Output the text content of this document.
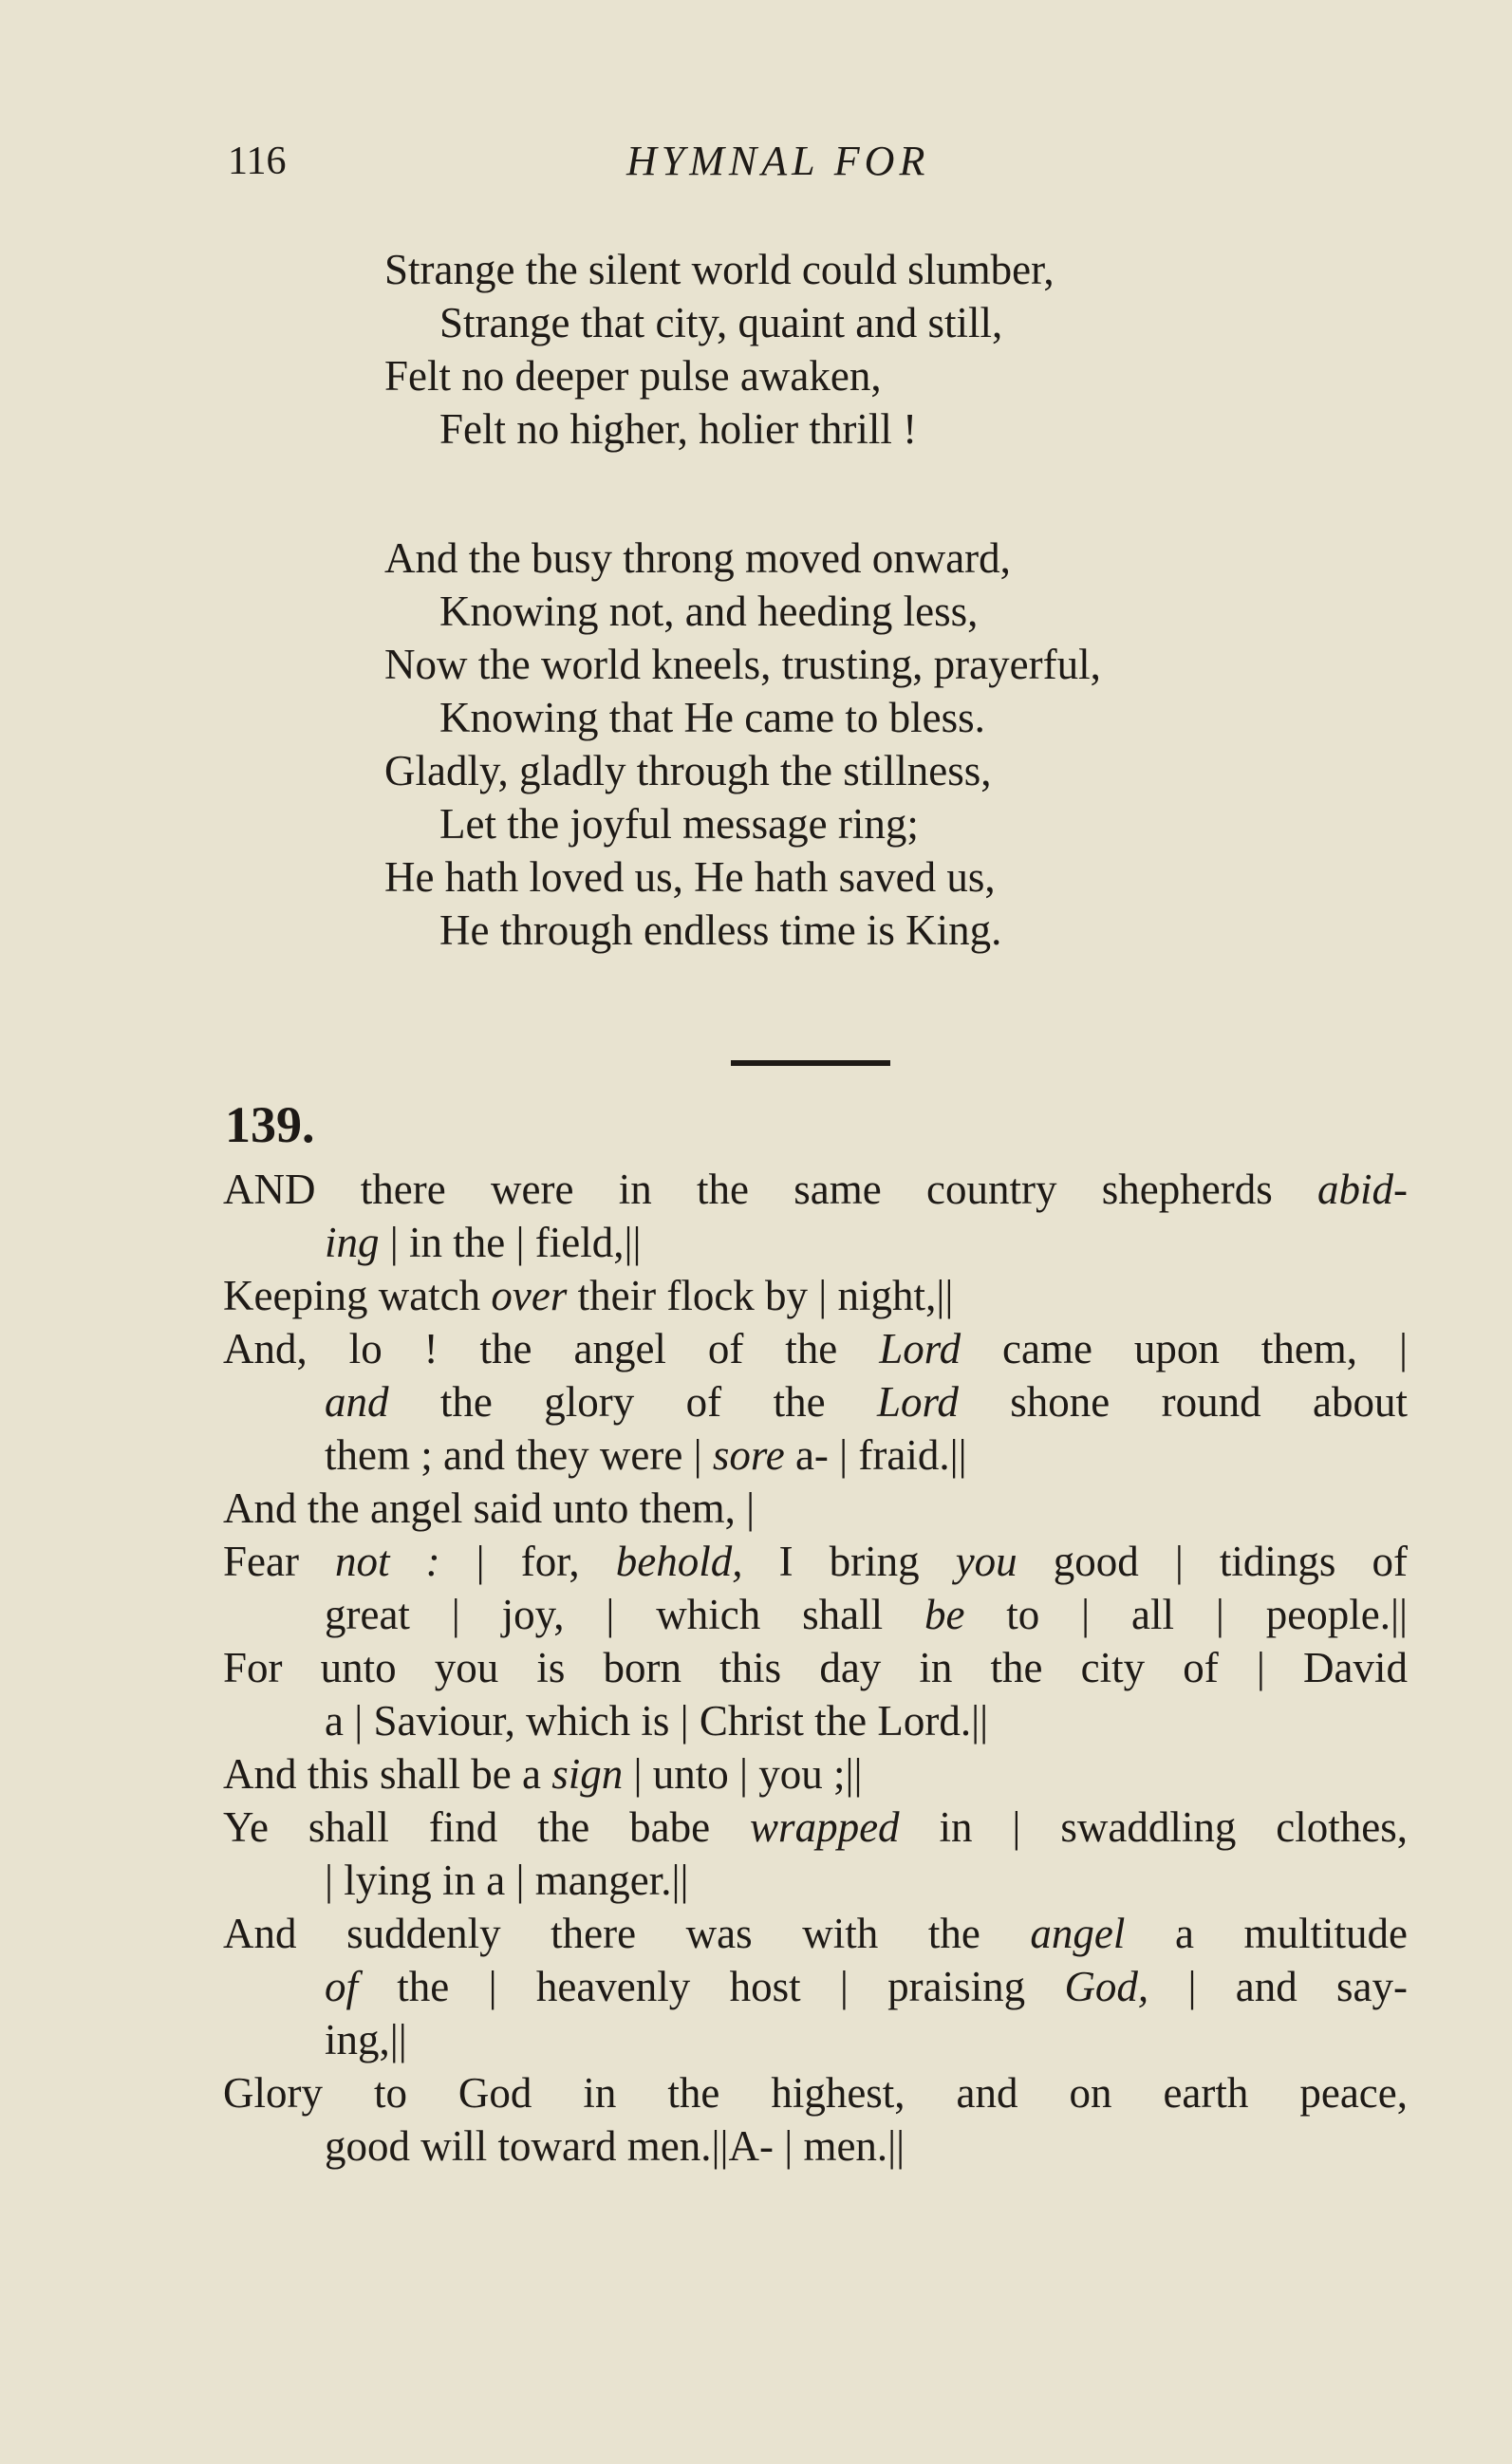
116	HYMNAL FOR
Strange the silent world could slumber,
Strange that city, quaint and still,
Felt no deeper pulse awaken,
Felt no higher, holier thrill !
And the busy throng moved onward,
Knowing not, and heeding less,
Now the world kneels, trusting, prayerful,
Knowing that He came to bless.
Gladly, gladly through the stillness,
Let the joyful message ring;
He hath loved us, He hath saved us,
He through endless time is King.
139.
AND there were in the same country shepherds abid-
ing | in the | field,||
Keeping watch over their flock by | night,||
And, lo ! the angel of the Lord came upon them, |
and the glory of the Lord shone round about
them ; and they were | sore a- | fraid.||
And the angel said unto them, |
Fear not : | for, behold, I bring you good | tidings of
great | joy, | which shall be to | all | people.||
For unto you is born this day in the city of | David
a | Saviour, which is | Christ the Lord.||
And this shall be a sign | unto | you ;||
Ye shall find the babe wrapped in | swaddling clothes,
| lying in a | manger.||
And suddenly there was with the angel a multitude
of the | heavenly host | praising God, | and say-
ing,||
Glory to God in the highest, and on earth peace,
good will toward men.||A- | men.||
